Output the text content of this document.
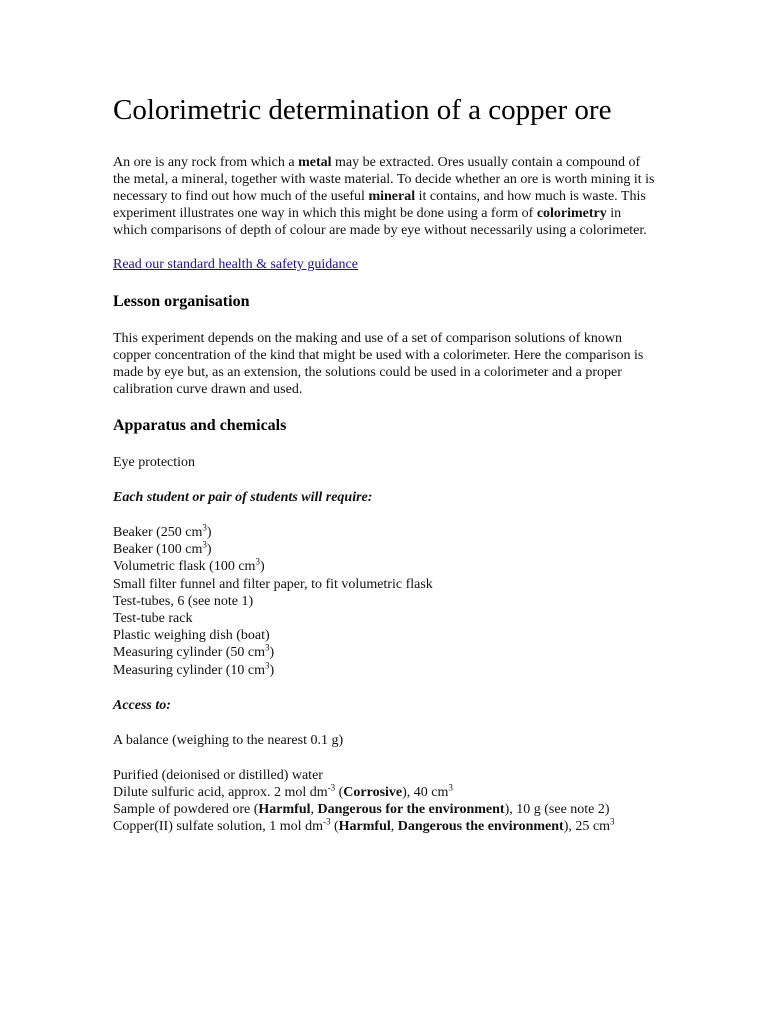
Colorimetric determination of a copper ore

An ore is any rock from which a metal may be extracted. Ores usually contain a compound of the metal, a mineral, together with waste material. To decide whether an ore is worth mining it is necessary to find out how much of the useful mineral it contains, and how much is waste. This experiment illustrates one way in which this might be done using a form of colorimetry in which comparisons of depth of colour are made by eye without necessarily using a colorimeter.

Read our standard health & safety guidance

Lesson organisation

This experiment depends on the making and use of a set of comparison solutions of known copper concentration of the kind that might be used with a colorimeter. Here the comparison is made by eye but, as an extension, the solutions could be used in a colorimeter and a proper calibration curve drawn and used.

Apparatus and chemicals

Eye protection

Each student or pair of students will require:

Beaker (250 $cm^3$)
Beaker (100 $cm^3$)
Volumetric flask (100 $cm^3$)
Small filter funnel and filter paper, to fit volumetric flask
Test-tubes, 6 (see note 1)
Test-tube rack
Plastic weighing dish (boat)
Measuring cylinder (50 $cm^3$)
Measuring cylinder (10 $cm^3$)

Access to:

A balance (weighing to the nearest 0.1 g)

Purified (deionised or distilled) water
Dilute sulfuric acid, approx. 2 mol $dm^{-3}$ (Corrosive), 40 $cm^3$
Sample of powdered ore (Harmful, Dangerous for the environment), 10 g (see note 2)
Copper(II) sulfate solution, 1 mol $dm^{-3}$ (Harmful, Dangerous the environment), 25 $cm^3$
